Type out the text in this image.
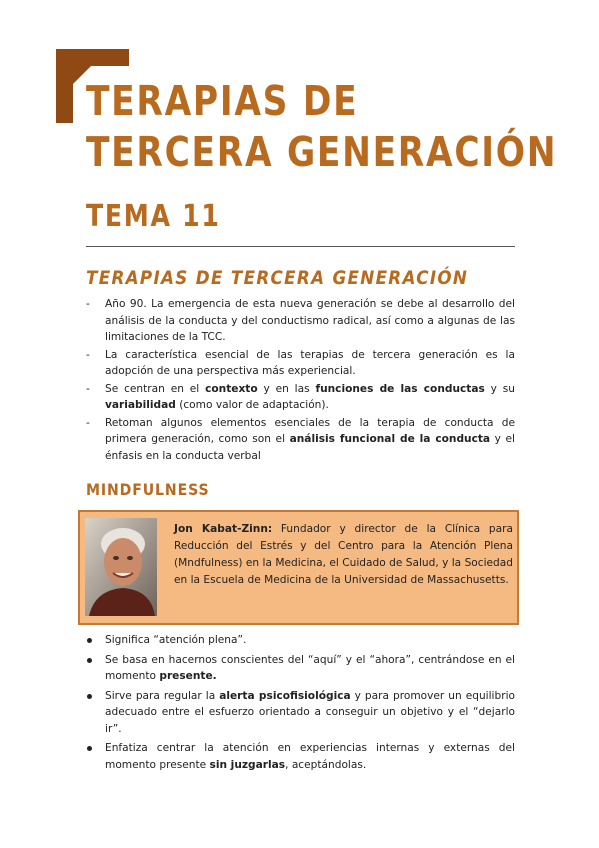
TERAPIAS DE
TERCERA GENERACIÓN
TEMA 11
TERAPIAS DE TERCERA GENERACIÓN
- Año 90. La emergencia de esta nueva generación se debe al desarrollo del análisis de la conducta y del conductismo radical, así como a algunas de las limitaciones de la TCC.
- La característica esencial de las terapias de tercera generación es la adopción de una perspectiva más experiencial.
- Se centran en el contexto y en las funciones de las conductas y su variabilidad (como valor de adaptación).
- Retoman algunos elementos esenciales de la terapia de conducta de primera generación, como son el análisis funcional de la conducta y el énfasis en la conducta verbal
MINDFULNESS

Jon Kabat-Zinn: Fundador y director de la Clínica para Reducción del Estrés y del Centro para la Atención Plena (Mndfulness) en la Medicina, el Cuidado de Salud, y la Sociedad en la Escuela de Medicina de la Universidad de Massachusetts.

Significa “atención plena”.
Se basa en hacernos conscientes del “aquí” y el “ahora”, centrándose en el momento presente.
Sirve para regular la alerta psicofisiológica y para promover un equilibrio adecuado entre el esfuerzo orientado a conseguir un objetivo y el “dejarlo ir”.
Enfatiza centrar la atención en experiencias internas y externas del momento presente sin juzgarlas, aceptándolas.
